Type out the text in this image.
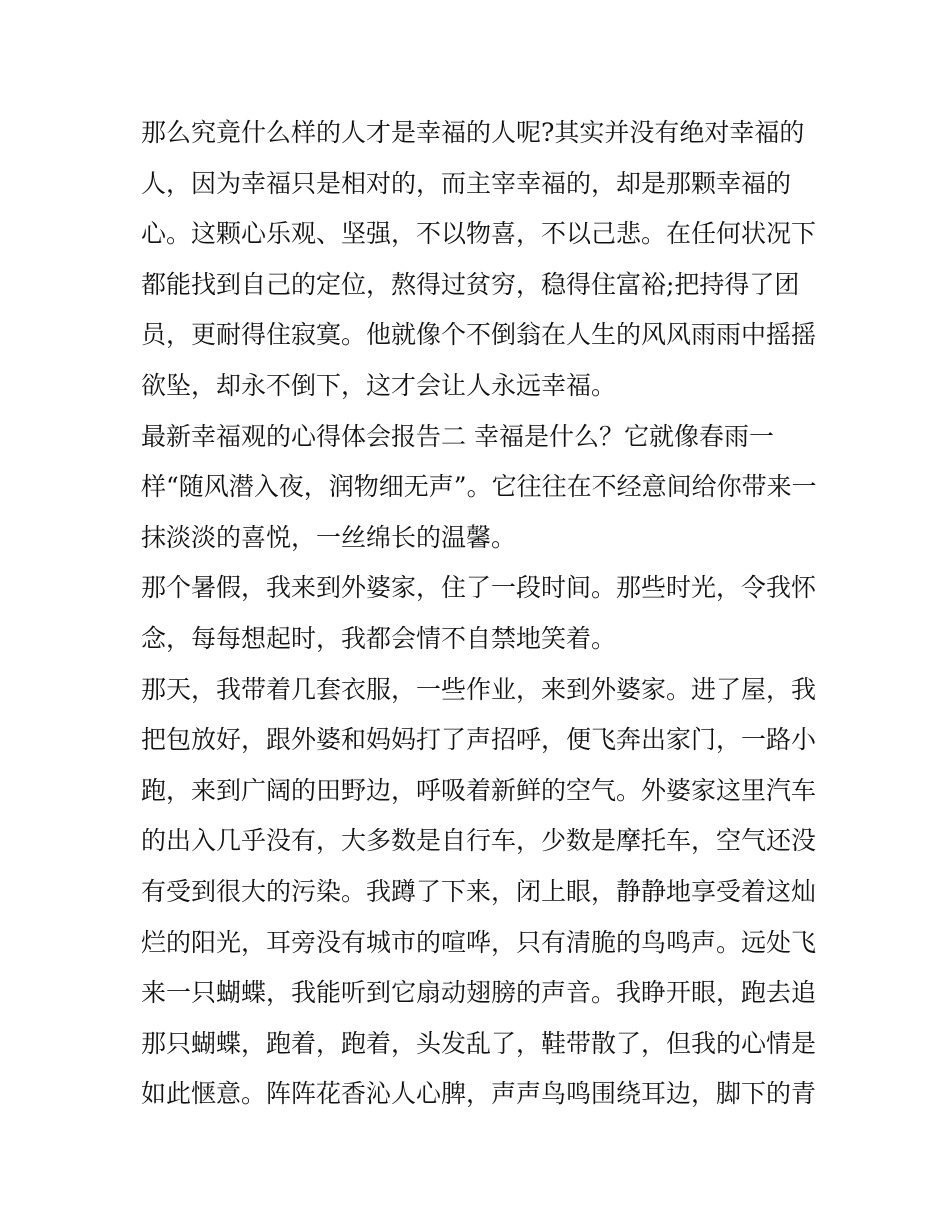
那么究竟什么样的人才是幸福的人呢?其实并没有绝对幸福的

人，因为幸福只是相对的，而主宰幸福的，却是那颗幸福的

心。这颗心乐观、坚强，不以物喜，不以己悲。在任何状况下

都能找到自己的定位，熬得过贫穷，稳得住富裕;把持得了团

员，更耐得住寂寞。他就像个不倒翁在人生的风风雨雨中摇摇

欲坠，却永不倒下，这才会让人永远幸福。

最新幸福观的心得体会报告二 幸福是什么？它就像春雨一

样“随风潜入夜，润物细无声”。它往往在不经意间给你带来一

抹淡淡的喜悦，一丝绵长的温馨。

那个暑假，我来到外婆家，住了一段时间。那些时光，令我怀

念，每每想起时，我都会情不自禁地笑着。

那天，我带着几套衣服，一些作业，来到外婆家。进了屋，我

把包放好，跟外婆和妈妈打了声招呼，便飞奔出家门，一路小

跑，来到广阔的田野边，呼吸着新鲜的空气。外婆家这里汽车

的出入几乎没有，大多数是自行车，少数是摩托车，空气还没

有受到很大的污染。我蹲了下来，闭上眼，静静地享受着这灿

烂的阳光，耳旁没有城市的喧哗，只有清脆的鸟鸣声。远处飞

来一只蝴蝶，我能听到它扇动翅膀的声音。我睁开眼，跑去追

那只蝴蝶，跑着，跑着，头发乱了，鞋带散了，但我的心情是

如此惬意。阵阵花香沁人心脾，声声鸟鸣围绕耳边，脚下的青
